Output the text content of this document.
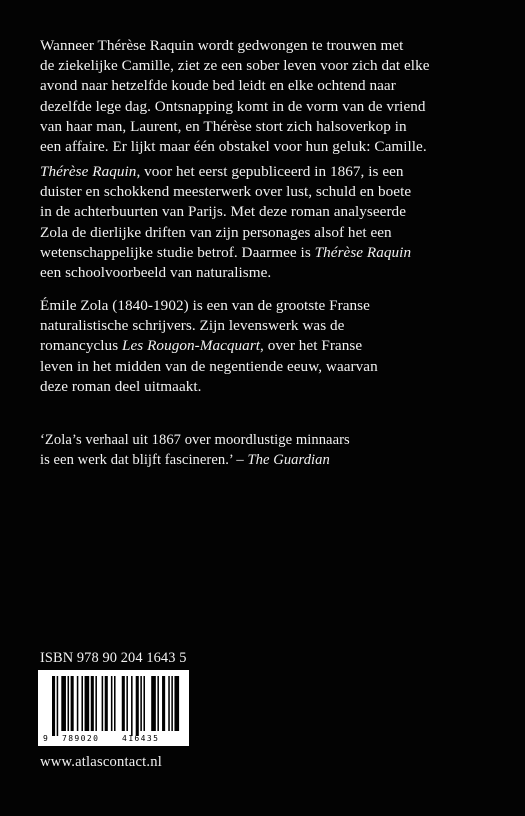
Wanneer Thérèse Raquin wordt gedwongen te trouwen met
de ziekelijke Camille, ziet ze een sober leven voor zich dat elke
avond naar hetzelfde koude bed leidt en elke ochtend naar
dezelfde lege dag. Ontsnapping komt in de vorm van de vriend
van haar man, Laurent, en Thérèse stort zich halsoverkop in
een affaire. Er lijkt maar één obstakel voor hun geluk: Camille.
Thérèse Raquin, voor het eerst gepubliceerd in 1867, is een
duister en schokkend meesterwerk over lust, schuld en boete
in de achterbuurten van Parijs. Met deze roman analyseerde
Zola de dierlijke driften van zijn personages alsof het een
wetenschappelijke studie betrof. Daarmee is Thérèse Raquin
een schoolvoorbeeld van naturalisme.
Émile Zola (1840-1902) is een van de grootste Franse
naturalistische schrijvers. Zijn levenswerk was de
romancyclus Les Rougon-Macquart, over het Franse
leven in het midden van de negentiende eeuw, waarvan
deze roman deel uitmaakt.
‘Zola’s verhaal uit 1867 over moordlustige minnaars
is een werk dat blijft fascineren.’ – The Guardian
ISBN 978 90 204 1643 5
9 789020	416435
www.atlascontact.nl
